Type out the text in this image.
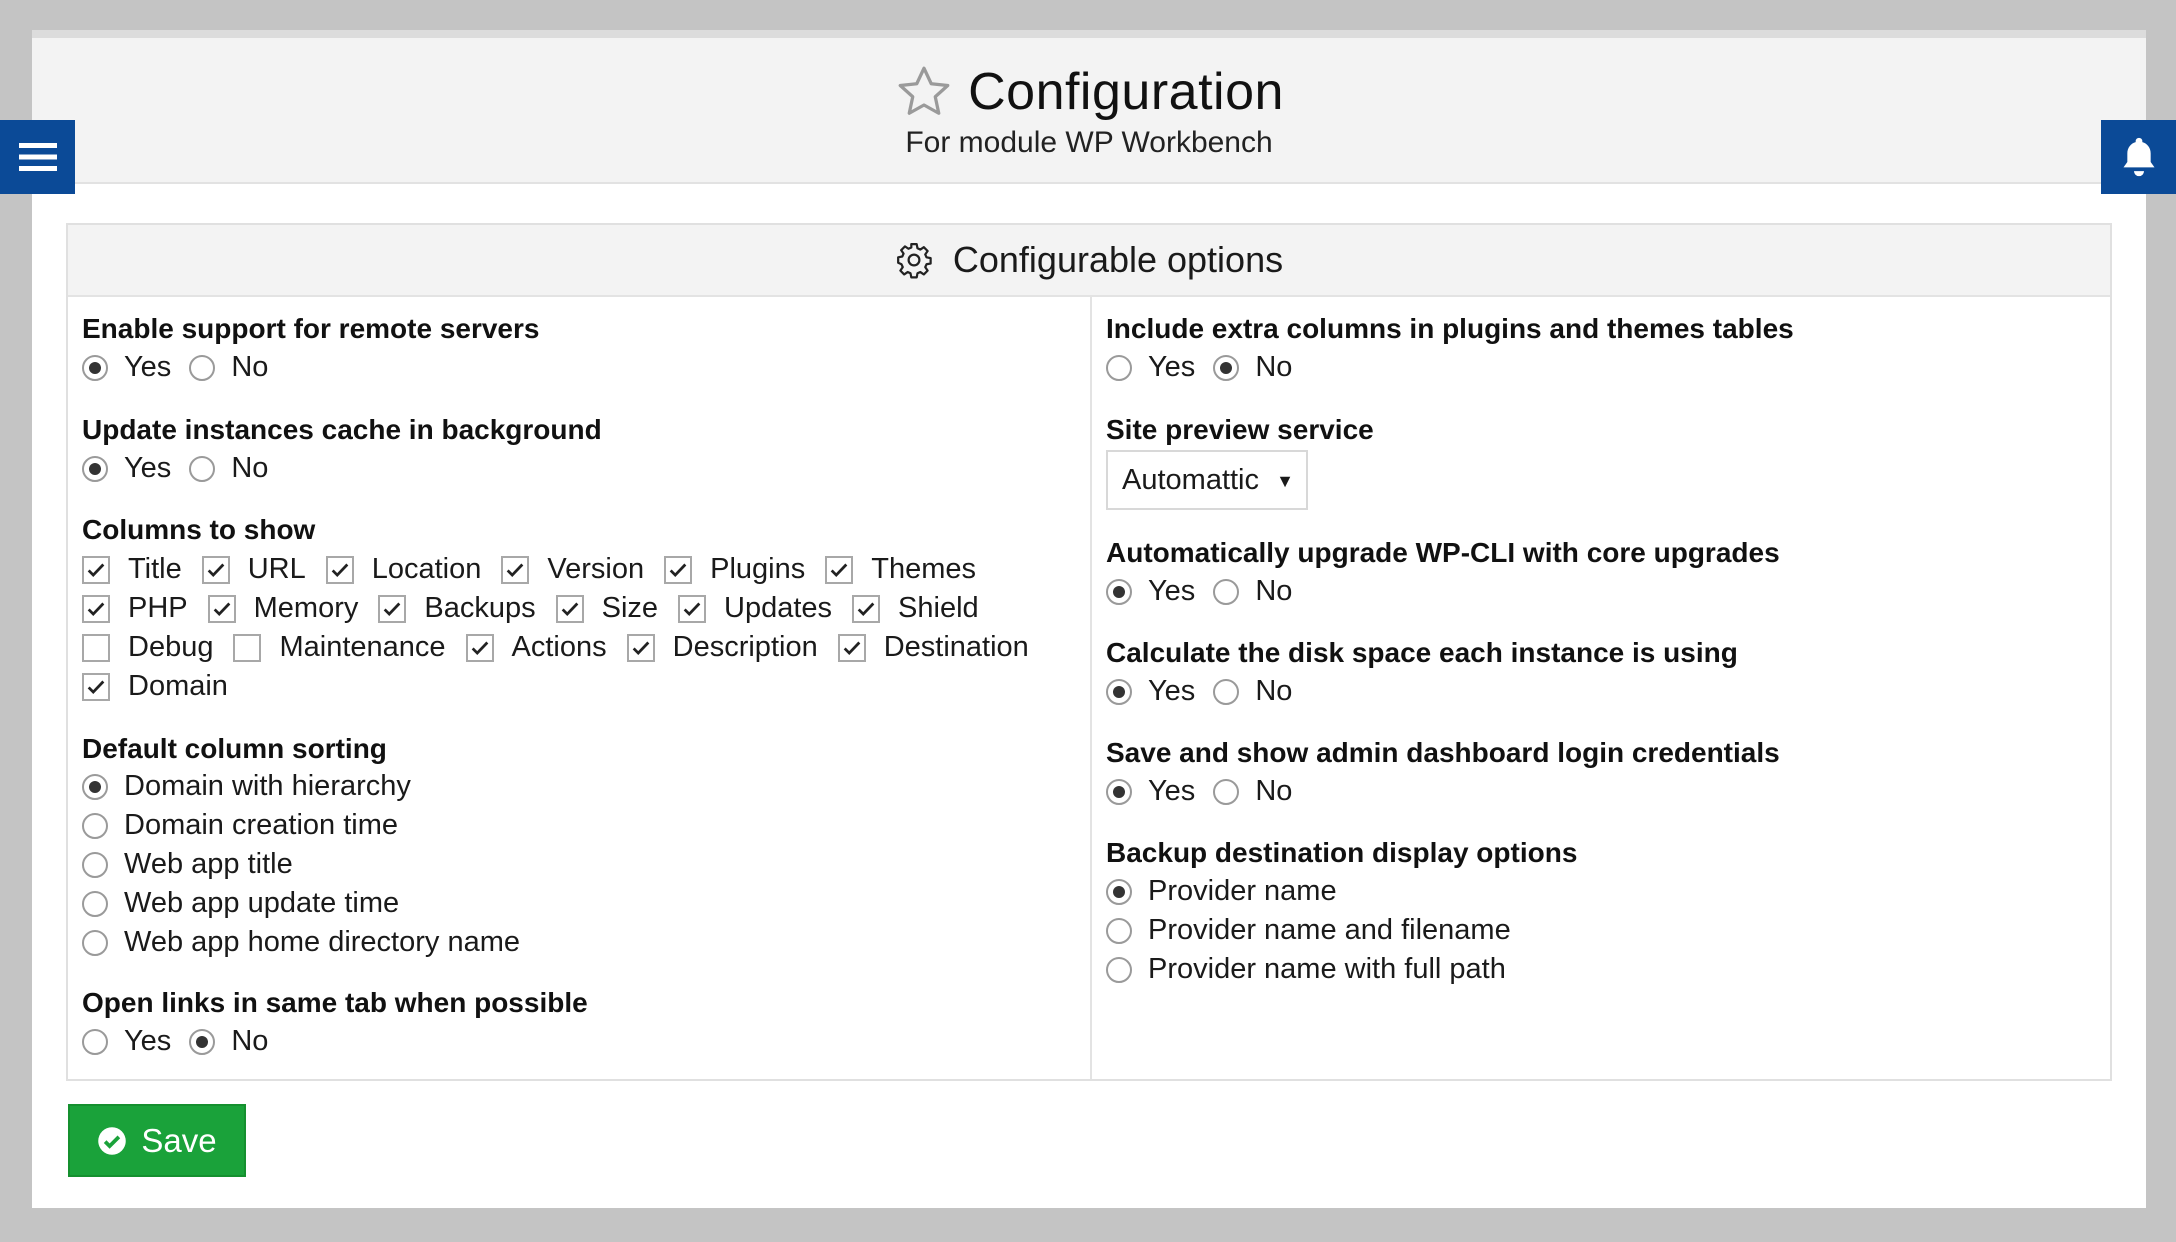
Configuration
For module WP Workbench
Configurable options
Enable support for remote servers
Yes No
Update instances cache in background
Yes No
Columns to show
Title URL Location Version Plugins Themes
PHP Memory Backups Size Updates Shield
Debug Maintenance Actions Description Destination
Domain
Default column sorting
Domain with hierarchy
Domain creation time
Web app title
Web app update time
Web app home directory name
Open links in same tab when possible
Yes No
Include extra columns in plugins and themes tables
Yes No
Site preview service
Automattic ▼
Automatically upgrade WP-CLI with core upgrades
Yes No
Calculate the disk space each instance is using
Yes No
Save and show admin dashboard login credentials
Yes No
Backup destination display options
Provider name
Provider name and filename
Provider name with full path
Save
